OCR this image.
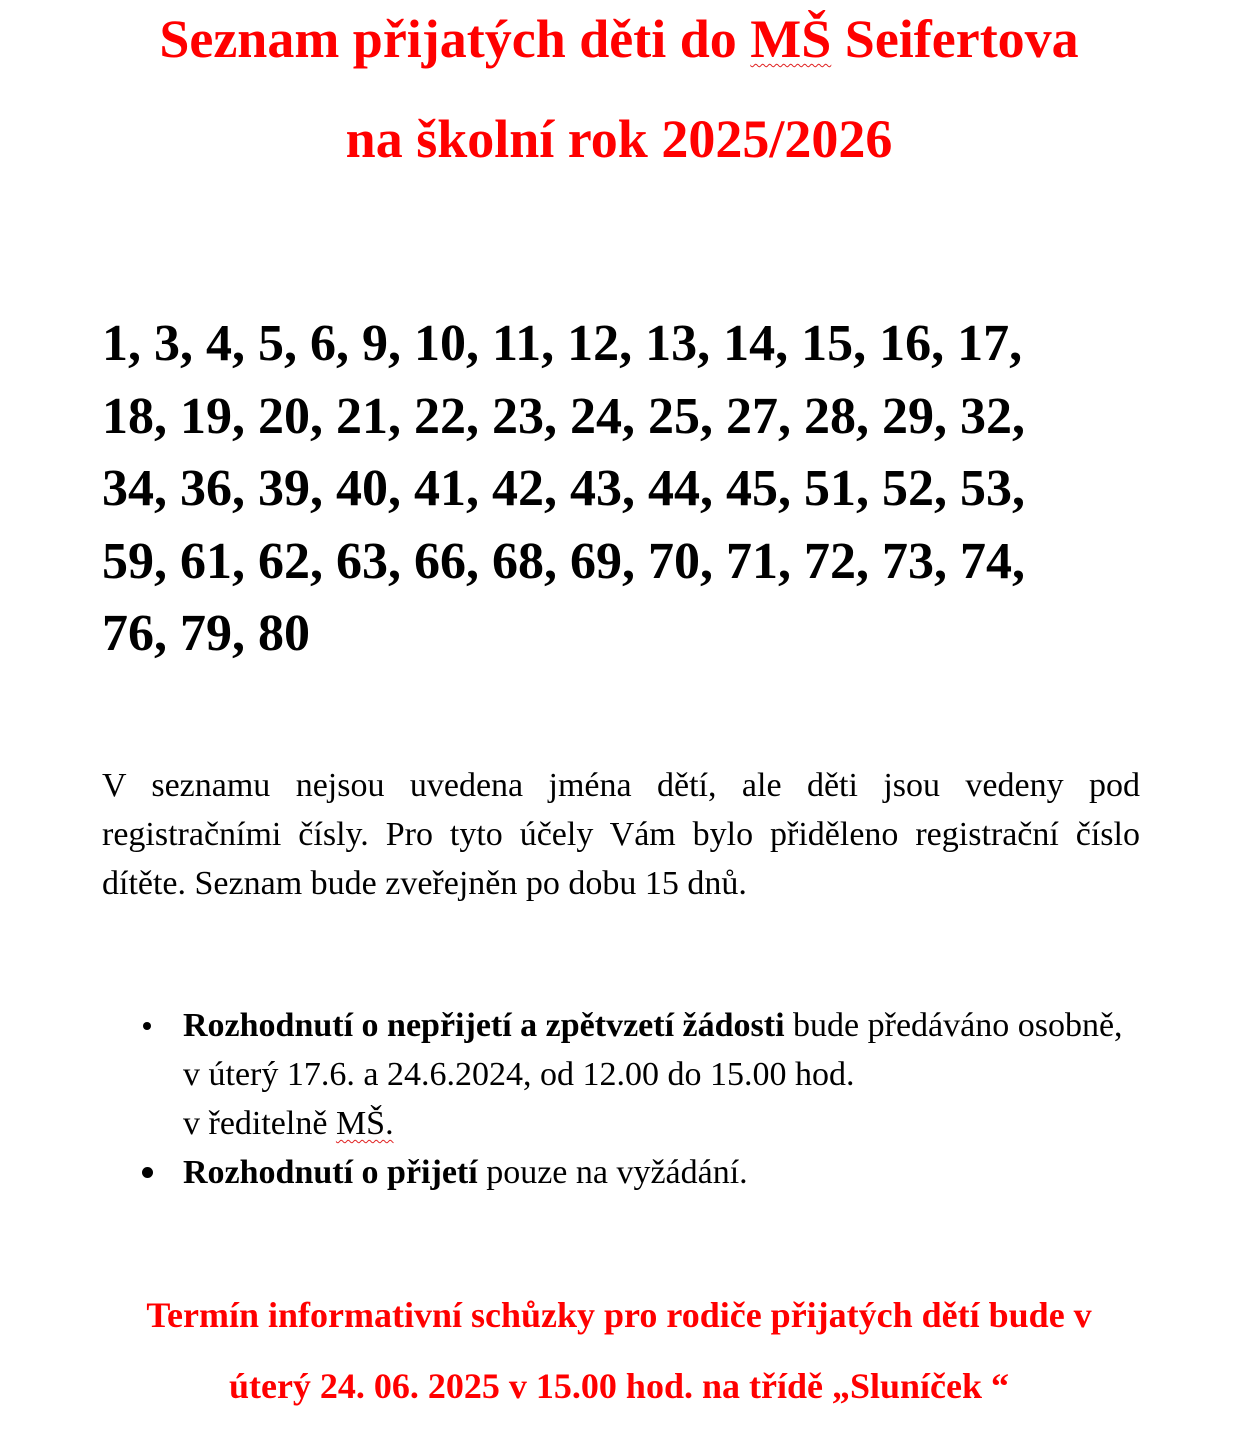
Seznam přijatých děti do MŠ Seifertova
na školní rok 2025/2026
1, 3, 4, 5, 6, 9, 10, 11, 12, 13, 14, 15, 16, 17,
18, 19, 20, 21, 22, 23, 24, 25, 27, 28, 29, 32,
34, 36, 39, 40, 41, 42, 43, 44, 45, 51, 52, 53,
59, 61, 62, 63, 66, 68, 69, 70, 71, 72, 73, 74,
76, 79, 80

V seznamu nejsou uvedena jména dětí, ale děti jsou vedeny pod registračními čísly. Pro tyto účely Vám bylo přiděleno registrační číslo dítěte. Seznam bude zveřejněn po dobu 15 dnů.

Rozhodnutí o nepřijetí a zpětvzetí žádosti bude předáváno osobně, v úterý 17.6. a 24.6.2024, od 12.00 do 15.00 hod.
v ředitelně MŠ.
Rozhodnutí o přijetí pouze na vyžádání.

Termín informativní schůzky pro rodiče přijatých dětí bude v

úterý 24. 06. 2025 v 15.00 hod. na třídě „Sluníček “
